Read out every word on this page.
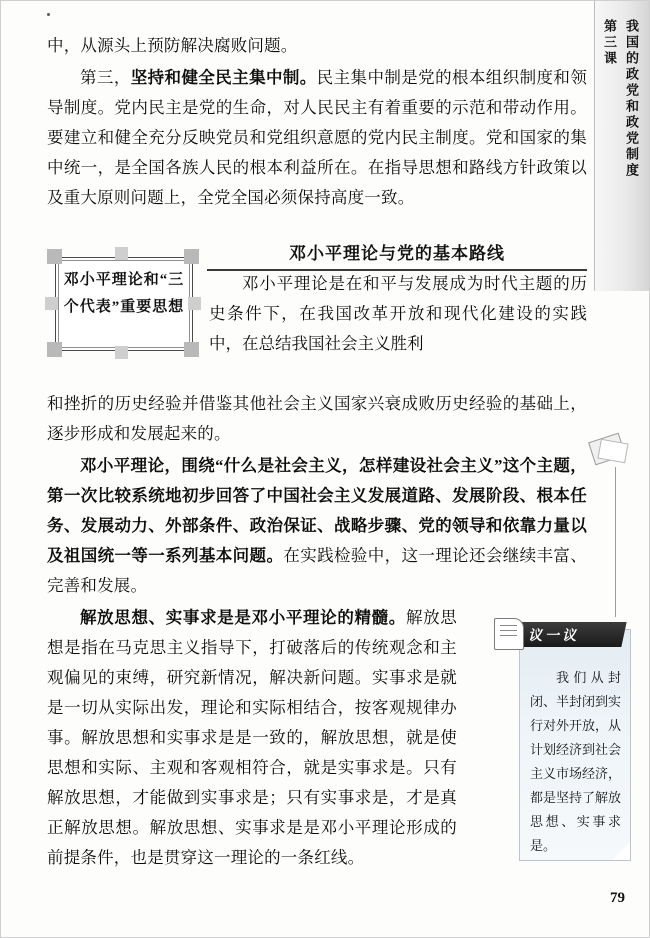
第三课 我国的政党和政党制度

中，从源头上预防解决腐败问题。

第三，坚持和健全民主集中制。民主集中制是党的根本组织制度和领导制度。党内民主是党的生命，对人民民主有着重要的示范和带动作用。要建立和健全充分反映党员和党组织意愿的党内民主制度。党和国家的集中统一，是全国各族人民的根本利益所在。在指导思想和路线方针政策以及重大原则问题上，全党全国必须保持高度一致。

邓小平理论和“三个代表”重要思想
邓小平理论与党的基本路线
邓小平理论是在和平与发展成为时代主题的历史条件下，在我国改革开放和现代化建设的实践中，在总结我国社会主义胜利

和挫折的历史经验并借鉴其他社会主义国家兴衰成败历史经验的基础上，逐步形成和发展起来的。

邓小平理论，围绕“什么是社会主义，怎样建设社会主义”这个主题，第一次比较系统地初步回答了中国社会主义发展道路、发展阶段、根本任务、发展动力、外部条件、政治保证、战略步骤、党的领导和依靠力量以及祖国统一等一系列基本问题。在实践检验中，这一理论还会继续丰富、完善和发展。

解放思想、实事求是是邓小平理论的精髓。解放思想是指在马克思主义指导下，打破落后的传统观念和主观偏见的束缚，研究新情况，解决新问题。实事求是就是一切从实际出发，理论和实际相结合，按客观规律办事。解放思想和实事求是是一致的，解放思想，就是使思想和实际、主观和客观相符合，就是实事求是。只有解放思想，才能做到实事求是；只有实事求是，才是真正解放思想。解放思想、实事求是是邓小平理论形成的前提条件，也是贯穿这一理论的一条红线。

议一议
我们从封闭、半封闭到实行对外开放，从计划经济到社会主义市场经济，都是坚持了解放思想、实事求是。
79
